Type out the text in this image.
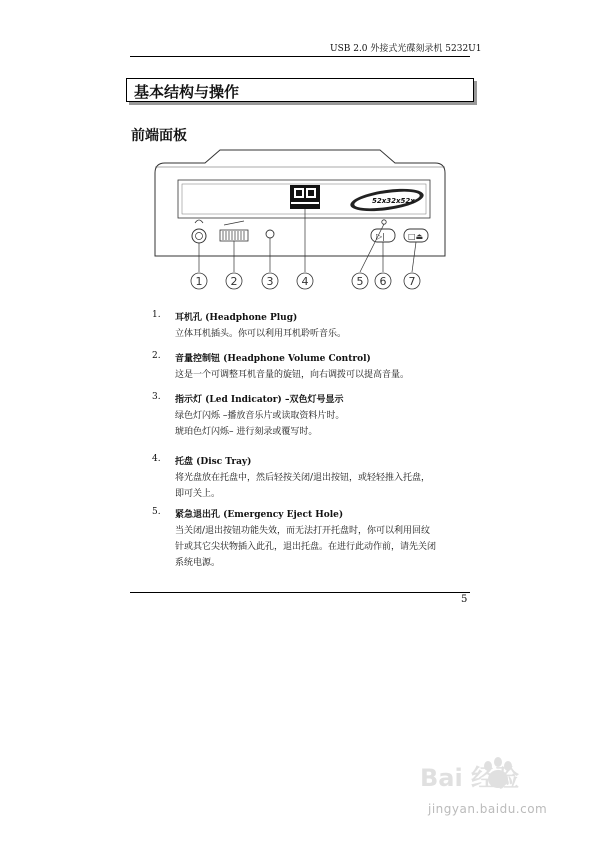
USB 2.0 外接式光碟刻录机 5232U1
基本结构与操作
前端面板
52x32x52x
▷|	□⏏
1	2	3	4	5 6 7
1. 耳机孔 (Headphone Plug)
立体耳机插头。你可以利用耳机聆听音乐。
2. 音量控制钮 (Headphone Volume Control)
这是一个可调整耳机音量的旋钮，向右调拨可以提高音量。
3. 指示灯 (Led Indicator) –双色灯号显示
绿色灯闪烁 –播放音乐片或读取资料片时。
琥珀色灯闪烁– 进行刻录或覆写时。
4. 托盘 (Disc Tray)
将光盘放在托盘中，然后轻按关闭/退出按钮，或轻轻推入托盘，
即可关上。
5. 紧急退出孔 (Emergency Eject Hole)
当关闭/退出按钮功能失效，而无法打开托盘时，你可以利用回纹
针或其它尖状物插入此孔，退出托盘。在进行此动作前，请先关闭
系统电源。
5
Bai 经验
jingyan.baidu.com
